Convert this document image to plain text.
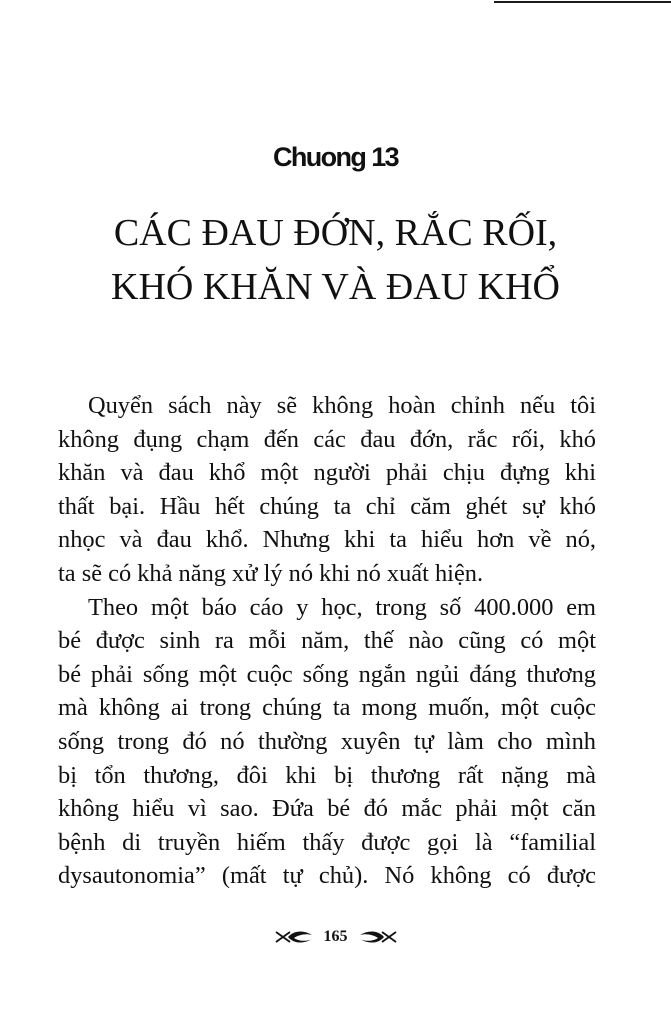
Chuong 13
CÁC ĐAU ĐỚN, RẮC RỐI,
KHÓ KHĂN VÀ ĐAU KHỔ
Quyển sách này sẽ không hoàn chỉnh nếu tôi
không đụng chạm đến các đau đớn, rắc rối, khó
khăn và đau khổ một người phải chịu đựng khi
thất bại. Hầu hết chúng ta chỉ căm ghét sự khó
nhọc và đau khổ. Nhưng khi ta hiểu hơn về nó,
ta sẽ có khả năng xử lý nó khi nó xuất hiện.
Theo một báo cáo y học, trong số 400.000 em
bé được sinh ra mỗi năm, thế nào cũng có một
bé phải sống một cuộc sống ngắn ngủi đáng thương
mà không ai trong chúng ta mong muốn, một cuộc
sống trong đó nó thường xuyên tự làm cho mình
bị tổn thương, đôi khi bị thương rất nặng mà
không hiểu vì sao. Đứa bé đó mắc phải một căn
bệnh di truyền hiếm thấy được gọi là “familial
dysautonomia” (mất tự chủ). Nó không có được
165
